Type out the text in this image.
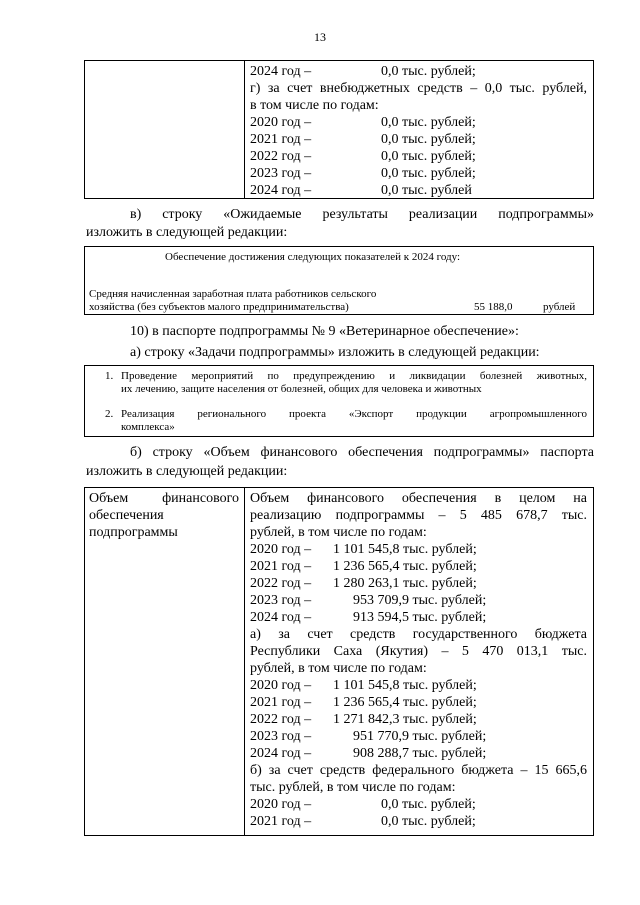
13
2024 год –	0,0 тыс. рублей;
г) за счет внебюджетных средств – 0,0 тыс. рублей,
в том числе по годам:
2020 год –	0,0 тыс. рублей;
2021 год –	0,0 тыс. рублей;
2022 год –	0,0 тыс. рублей;
2023 год –	0,0 тыс. рублей;
2024 год –	0,0 тыс. рублей
в) строку «Ожидаемые результаты реализации подпрограммы»
изложить в следующей редакции:
Обеспечение достижения следующих показателей к 2024 году:
Средняя начисленная заработная плата работников сельского
хозяйства (без субъектов малого предпринимательства)	55 188,0	рублей
10) в паспорте подпрограммы № 9 «Ветеринарное обеспечение»:
а) строку «Задачи подпрограммы» изложить в следующей редакции:
1. Проведение мероприятий по предупреждению и ликвидации болезней животных,
их лечению, защите населения от болезней, общих для человека и животных
2. Реализация регионального проекта «Экспорт продукции агропромышленного
комплекса»
б) строку «Объем финансового обеспечения подпрограммы» паспорта
изложить в следующей редакции:
Объем финансового
обеспечения
подпрограммы
Объем финансового обеспечения в целом на
реализацию подпрограммы – 5 485 678,7 тыс.
рублей, в том числе по годам:
2020 год – 1 101 545,8 тыс. рублей;
2021 год – 1 236 565,4 тыс. рублей;
2022 год – 1 280 263,1 тыс. рублей;
2023 год –	953 709,9 тыс. рублей;
2024 год –	913 594,5 тыс. рублей;
а) за счет средств государственного бюджета
Республики Саха (Якутия) – 5 470 013,1 тыс.
рублей, в том числе по годам:
2020 год – 1 101 545,8 тыс. рублей;
2021 год – 1 236 565,4 тыс. рублей;
2022 год – 1 271 842,3 тыс. рублей;
2023 год –	951 770,9 тыс. рублей;
2024 год –	908 288,7 тыс. рублей;
б) за счет средств федерального бюджета – 15 665,6
тыс. рублей, в том числе по годам:
2020 год –	0,0 тыс. рублей;
2021 год –	0,0 тыс. рублей;
